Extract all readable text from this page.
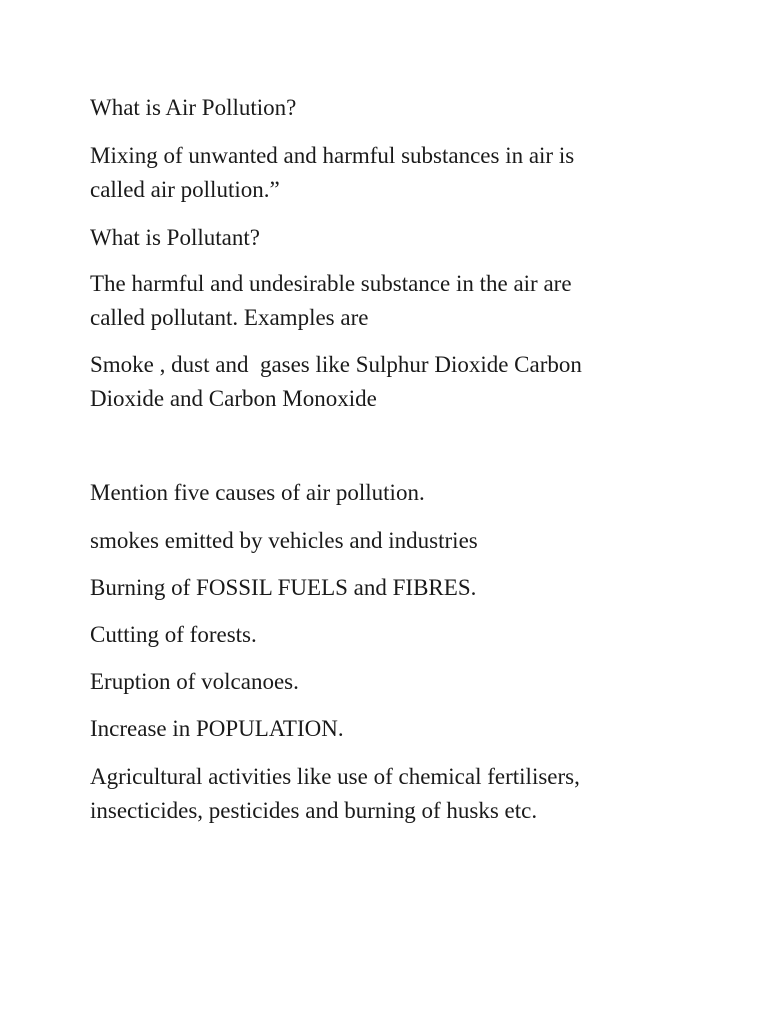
What is Air Pollution?

Mixing of unwanted and harmful substances in air is

called air pollution.”

What is Pollutant?

The harmful and undesirable substance in the air are

called pollutant. Examples are

Smoke , dust and  gases like Sulphur Dioxide Carbon

Dioxide and Carbon Monoxide

Mention five causes of air pollution.

smokes emitted by vehicles and industries

Burning of FOSSIL FUELS and FIBRES.

Cutting of forests.

Eruption of volcanoes.

Increase in POPULATION.

Agricultural activities like use of chemical fertilisers,

insecticides, pesticides and burning of husks etc.
